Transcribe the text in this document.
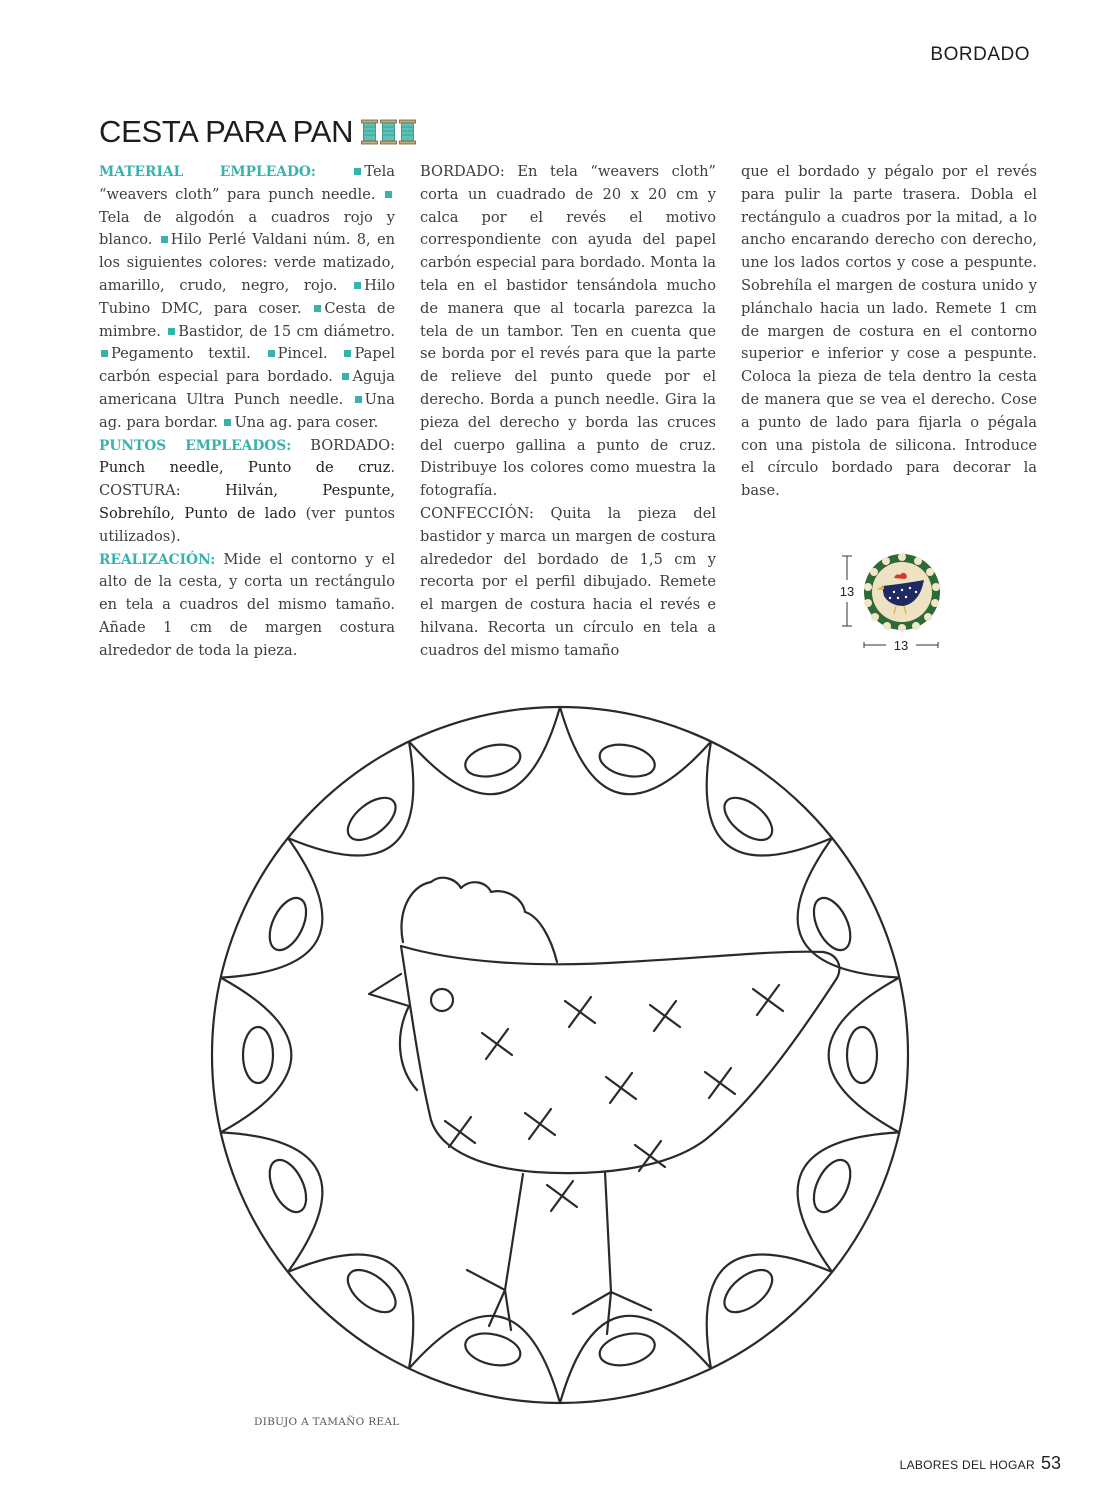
BORDADO
CESTA PARA PAN

MATERIAL EMPLEADO:	Tela “weavers cloth” para punch needle. Tela de algodón a cuadros rojo y blanco. Hilo Perlé Valdani núm. 8, en los siguientes colores: verde matizado, amarillo, crudo, negro, rojo. Hilo Tubino DMC, para coser. Cesta de mimbre. Bastidor, de 15 cm diámetro. Pegamento textil. Pincel. Papel carbón especial para bordado. Aguja americana Ultra Punch needle. Una ag. para bordar. Una ag. para coser.

PUNTOS EMPLEADOS: BORDADO: Punch needle, Punto de cruz. COSTURA:	Hilván, Pespunte, Sobrehílo, Punto de lado (ver puntos utilizados).

REALIZACIÓN: Mide el contorno y el alto de la cesta, y corta un rectángulo en tela a cuadros del mismo tamaño. Añade 1 cm de margen costura alrededor de toda la pieza.

BORDADO: En tela “weavers cloth” corta un cuadrado de 20 x 20 cm y calca por el revés el motivo correspondiente con ayuda del papel carbón especial para bordado. Monta la tela en el bastidor tensándola mucho de manera que al tocarla parezca la tela de un tambor. Ten en cuenta que se borda por el revés para que la parte de relieve del punto quede por el derecho. Borda a punch needle. Gira la pieza del derecho y borda las cruces del cuerpo gallina a punto de cruz. Distribuye los colores como muestra la fotografía.

CONFECCIÓN: Quita la pieza del bastidor y marca un margen de costura alrededor del bordado de 1,5 cm y recorta por el perfil dibujado. Remete el margen de costura hacia el revés e hilvana. Recorta un círculo en tela a cuadros del mismo tamaño

que el bordado y pégalo por el revés para pulir la parte trasera. Dobla el rectángulo a cuadros por la mitad, a lo ancho encarando derecho con derecho, une los lados cortos y cose a pespunte. Sobrehíla el margen de costura unido y plánchalo hacia un lado. Remete 1 cm de margen de costura en el contorno superior e inferior y cose a pespunte. Coloca la pieza de tela dentro la cesta de manera que se vea el derecho. Cose a punto de lado para fijarla o pégala con una pistola de silicona. Introduce el círculo bordado para decorar la base.

13
13
DIBUJO A TAMAÑO REAL
LABORES DEL HOGAR 53
